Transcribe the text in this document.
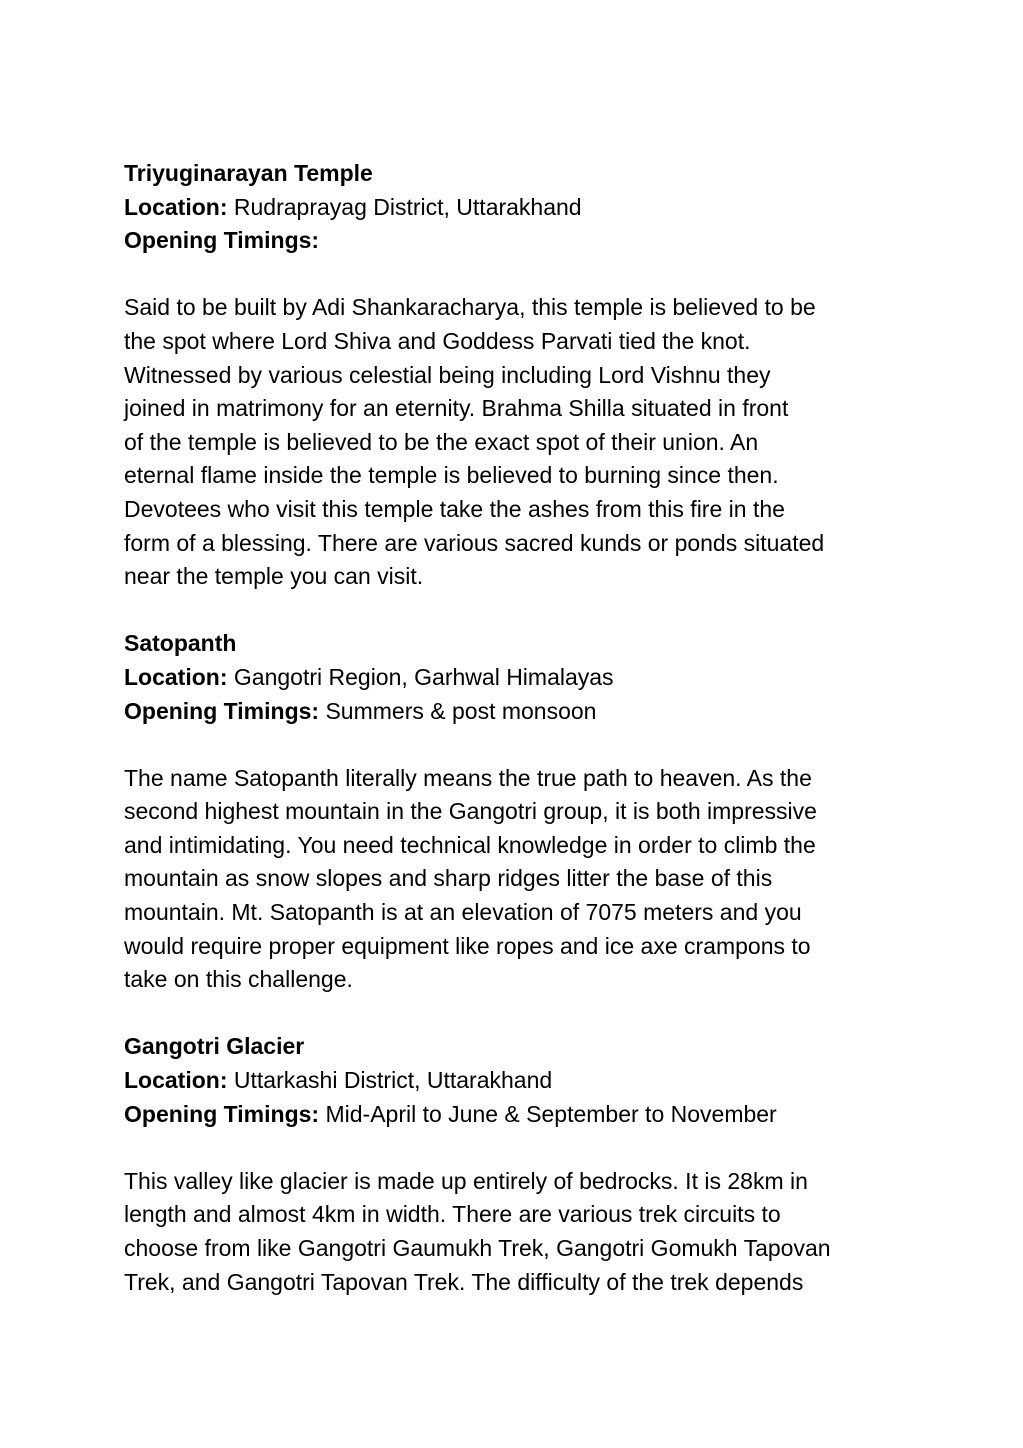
Triyuginarayan Temple
Location: Rudraprayag District, Uttarakhand
Opening Timings:
Said to be built by Adi Shankaracharya, this temple is believed to be
the spot where Lord Shiva and Goddess Parvati tied the knot.
Witnessed by various celestial being including Lord Vishnu they
joined in matrimony for an eternity. Brahma Shilla situated in front
of the temple is believed to be the exact spot of their union. An
eternal flame inside the temple is believed to burning since then.
Devotees who visit this temple take the ashes from this fire in the
form of a blessing. There are various sacred kunds or ponds situated
near the temple you can visit.
Satopanth
Location: Gangotri Region, Garhwal Himalayas
Opening Timings: Summers & post monsoon
The name Satopanth literally means the true path to heaven. As the
second highest mountain in the Gangotri group, it is both impressive
and intimidating. You need technical knowledge in order to climb the
mountain as snow slopes and sharp ridges litter the base of this
mountain. Mt. Satopanth is at an elevation of 7075 meters and you
would require proper equipment like ropes and ice axe crampons to
take on this challenge.
Gangotri Glacier
Location: Uttarkashi District, Uttarakhand
Opening Timings: Mid-April to June & September to November
This valley like glacier is made up entirely of bedrocks. It is 28km in
length and almost 4km in width. There are various trek circuits to
choose from like Gangotri Gaumukh Trek, Gangotri Gomukh Tapovan
Trek, and Gangotri Tapovan Trek. The difficulty of the trek depends
